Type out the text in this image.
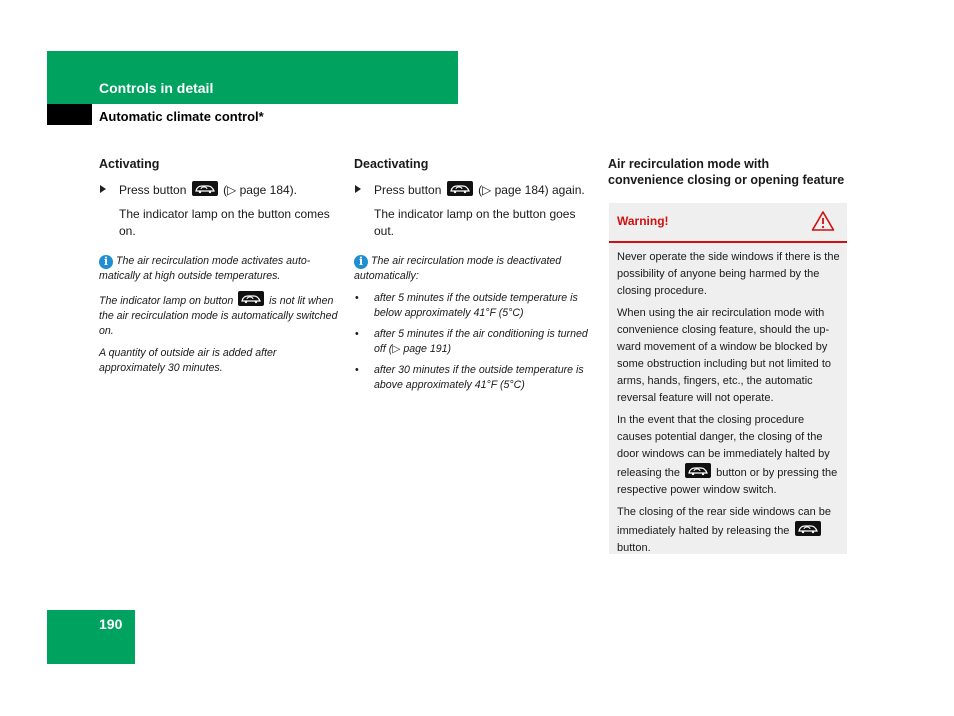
Controls in detail
Automatic climate control*
Activating
Press button	(▷ page 184).
The indicator lamp on the button comes on.
i The air recirculation mode activates auto-matically at high outside temperatures.
The indicator lamp on button	is not lit when the air recirculation mode is automatically switched on.
A quantity of outside air is added after approximately 30 minutes.
Deactivating
Press button	(▷ page 184) again.
The indicator lamp on the button goes out.
i The air recirculation mode is deactivated automatically:
• after 5 minutes if the outside temperature is below approximately 41°F (5°C)
• after 5 minutes if the air conditioning is turned off (▷ page 191)
• after 30 minutes if the outside temperature is above approximately 41°F (5°C)
Air recirculation mode with convenience closing or opening feature
Warning!

Never operate the side windows if there is the possibility of anyone being harmed by the closing procedure.

When using the air recirculation mode with convenience closing feature, should the up-ward movement of a window be blocked by some obstruction including but not limited to arms, hands, fingers, etc., the automatic reversal feature will not operate.

In the event that the closing procedure causes potential danger, the closing of the door windows can be immediately halted by releasing the	button or by pressing the respective power window switch.

The closing of the rear side windows can be immediately halted by releasing the
button.

190
